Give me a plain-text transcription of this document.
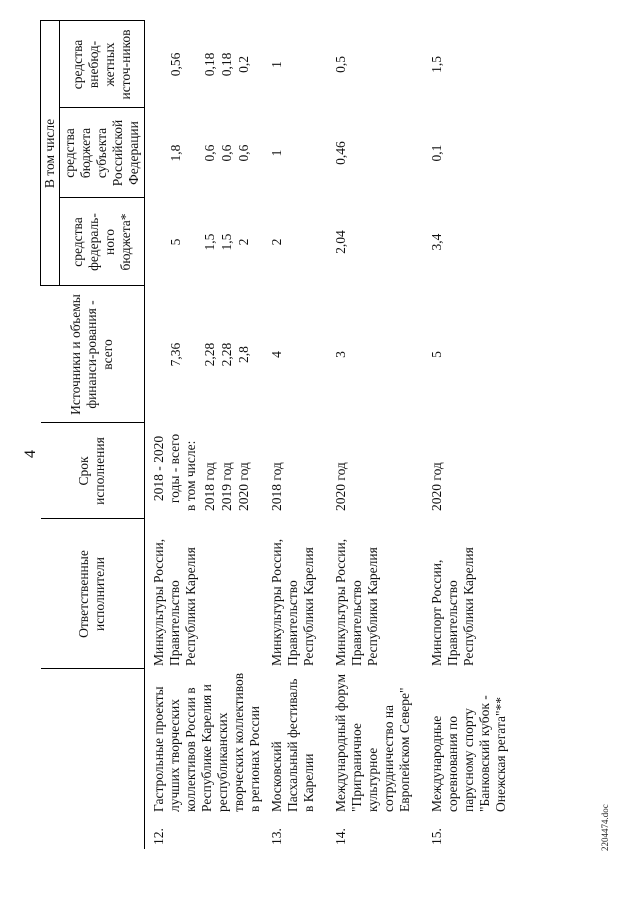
4
		Ответственные исполнители	Срок исполнения	Источники и объемы финанси-рования - всего	В том числе		
					средства федераль-ного бюджета*	средства бюджета субъекта Российской Федерации	средства внебюд-жетных источ-ников
12.	Гастрольные проекты лучших творческих коллективов России в Республике Карелия и республиканских творческих коллективов в регионах России	Минкультуры России, Правительство Республики Карелия	2018 - 2020 годы - всего в том числе:	7,36	5	1,8	0,56
			2018 год	2,28	1,5	0,6	0,18
			2019 год	2,28	1,5	0,6	0,18
			2020 год	2,8	2	0,6	0,2
13.	Московский Пасхальный фестиваль в Карелии	Минкультуры России, Правительство Республики Карелия	2018 год	4	2	1	1
14.	Международный форум "Приграничное культурное сотрудничество на Европейском Севере"	Минкультуры России, Правительство Республики Карелия	2020 год	3	2,04	0,46	0,5
15.	Международные соревнования по парусному спорту "Банковский кубок - Онежская регата"**	Минспорт России, Правительство Республики Карелия	2020 год	5	3,4	0,1	1,5
2204474.doc
